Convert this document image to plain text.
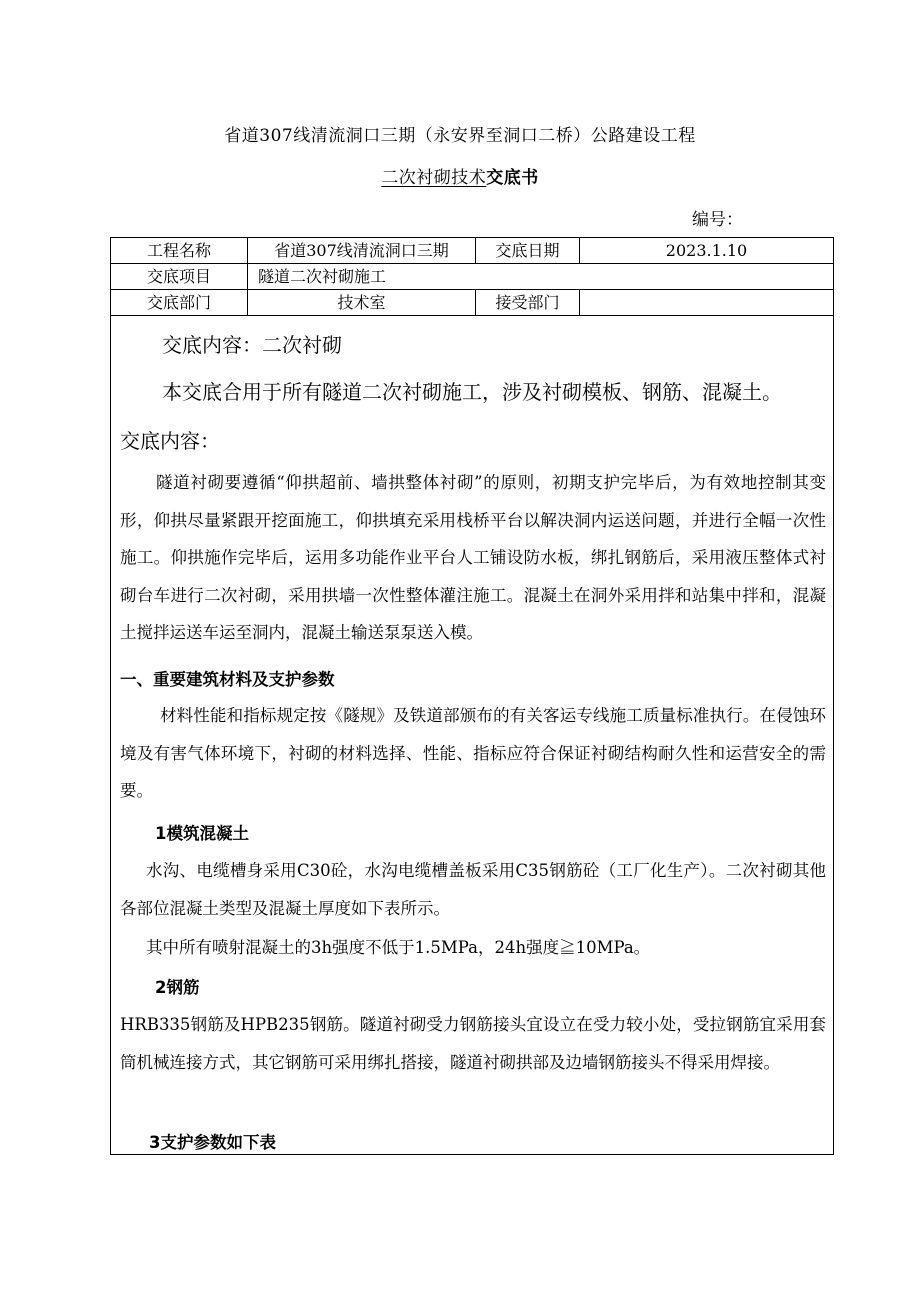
省道307线清流洞口三期（永安界至洞口二桥）公路建设工程
二次衬砌技术交底书
编号：
工程名称	省道307线清流洞口三期	交底日期	2023.1.10
交底项目	隧道二次衬砌施工
交底部门	技术室	接受部门
交底内容：二次衬砌
本交底合用于所有隧道二次衬砌施工，涉及衬砌模板、钢筋、混凝土。
交底内容：
隧道衬砌要遵循“仰拱超前、墙拱整体衬砌”的原则，初期支护完毕后，为有效地控制其变形，仰拱尽量紧跟开挖面施工，仰拱填充采用栈桥平台以解决洞内运送问题，并进行全幅一次性施工。仰拱施作完毕后，运用多功能作业平台人工铺设防水板，绑扎钢筋后，采用液压整体式衬砌台车进行二次衬砌，采用拱墙一次性整体灌注施工。混凝土在洞外采用拌和站集中拌和，混凝土搅拌运送车运至洞内，混凝土输送泵泵送入模。
一、重要建筑材料及支护参数
材料性能和指标规定按《隧规》及铁道部颁布的有关客运专线施工质量标准执行。在侵蚀环境及有害气体环境下，衬砌的材料选择、性能、指标应符合保证衬砌结构耐久性和运营安全的需要。
1模筑混凝土
水沟、电缆槽身采用C30砼，水沟电缆槽盖板采用C35钢筋砼（工厂化生产）。二次衬砌其他各部位混凝土类型及混凝土厚度如下表所示。
其中所有喷射混凝土的3h强度不低于1.5MPa，24h强度≧10MPa。
2钢筋
HRB335钢筋及HPB235钢筋。隧道衬砌受力钢筋接头宜设立在受力较小处，受拉钢筋宜采用套筒机械连接方式，其它钢筋可采用绑扎搭接，隧道衬砌拱部及边墙钢筋接头不得采用焊接。
3支护参数如下表
